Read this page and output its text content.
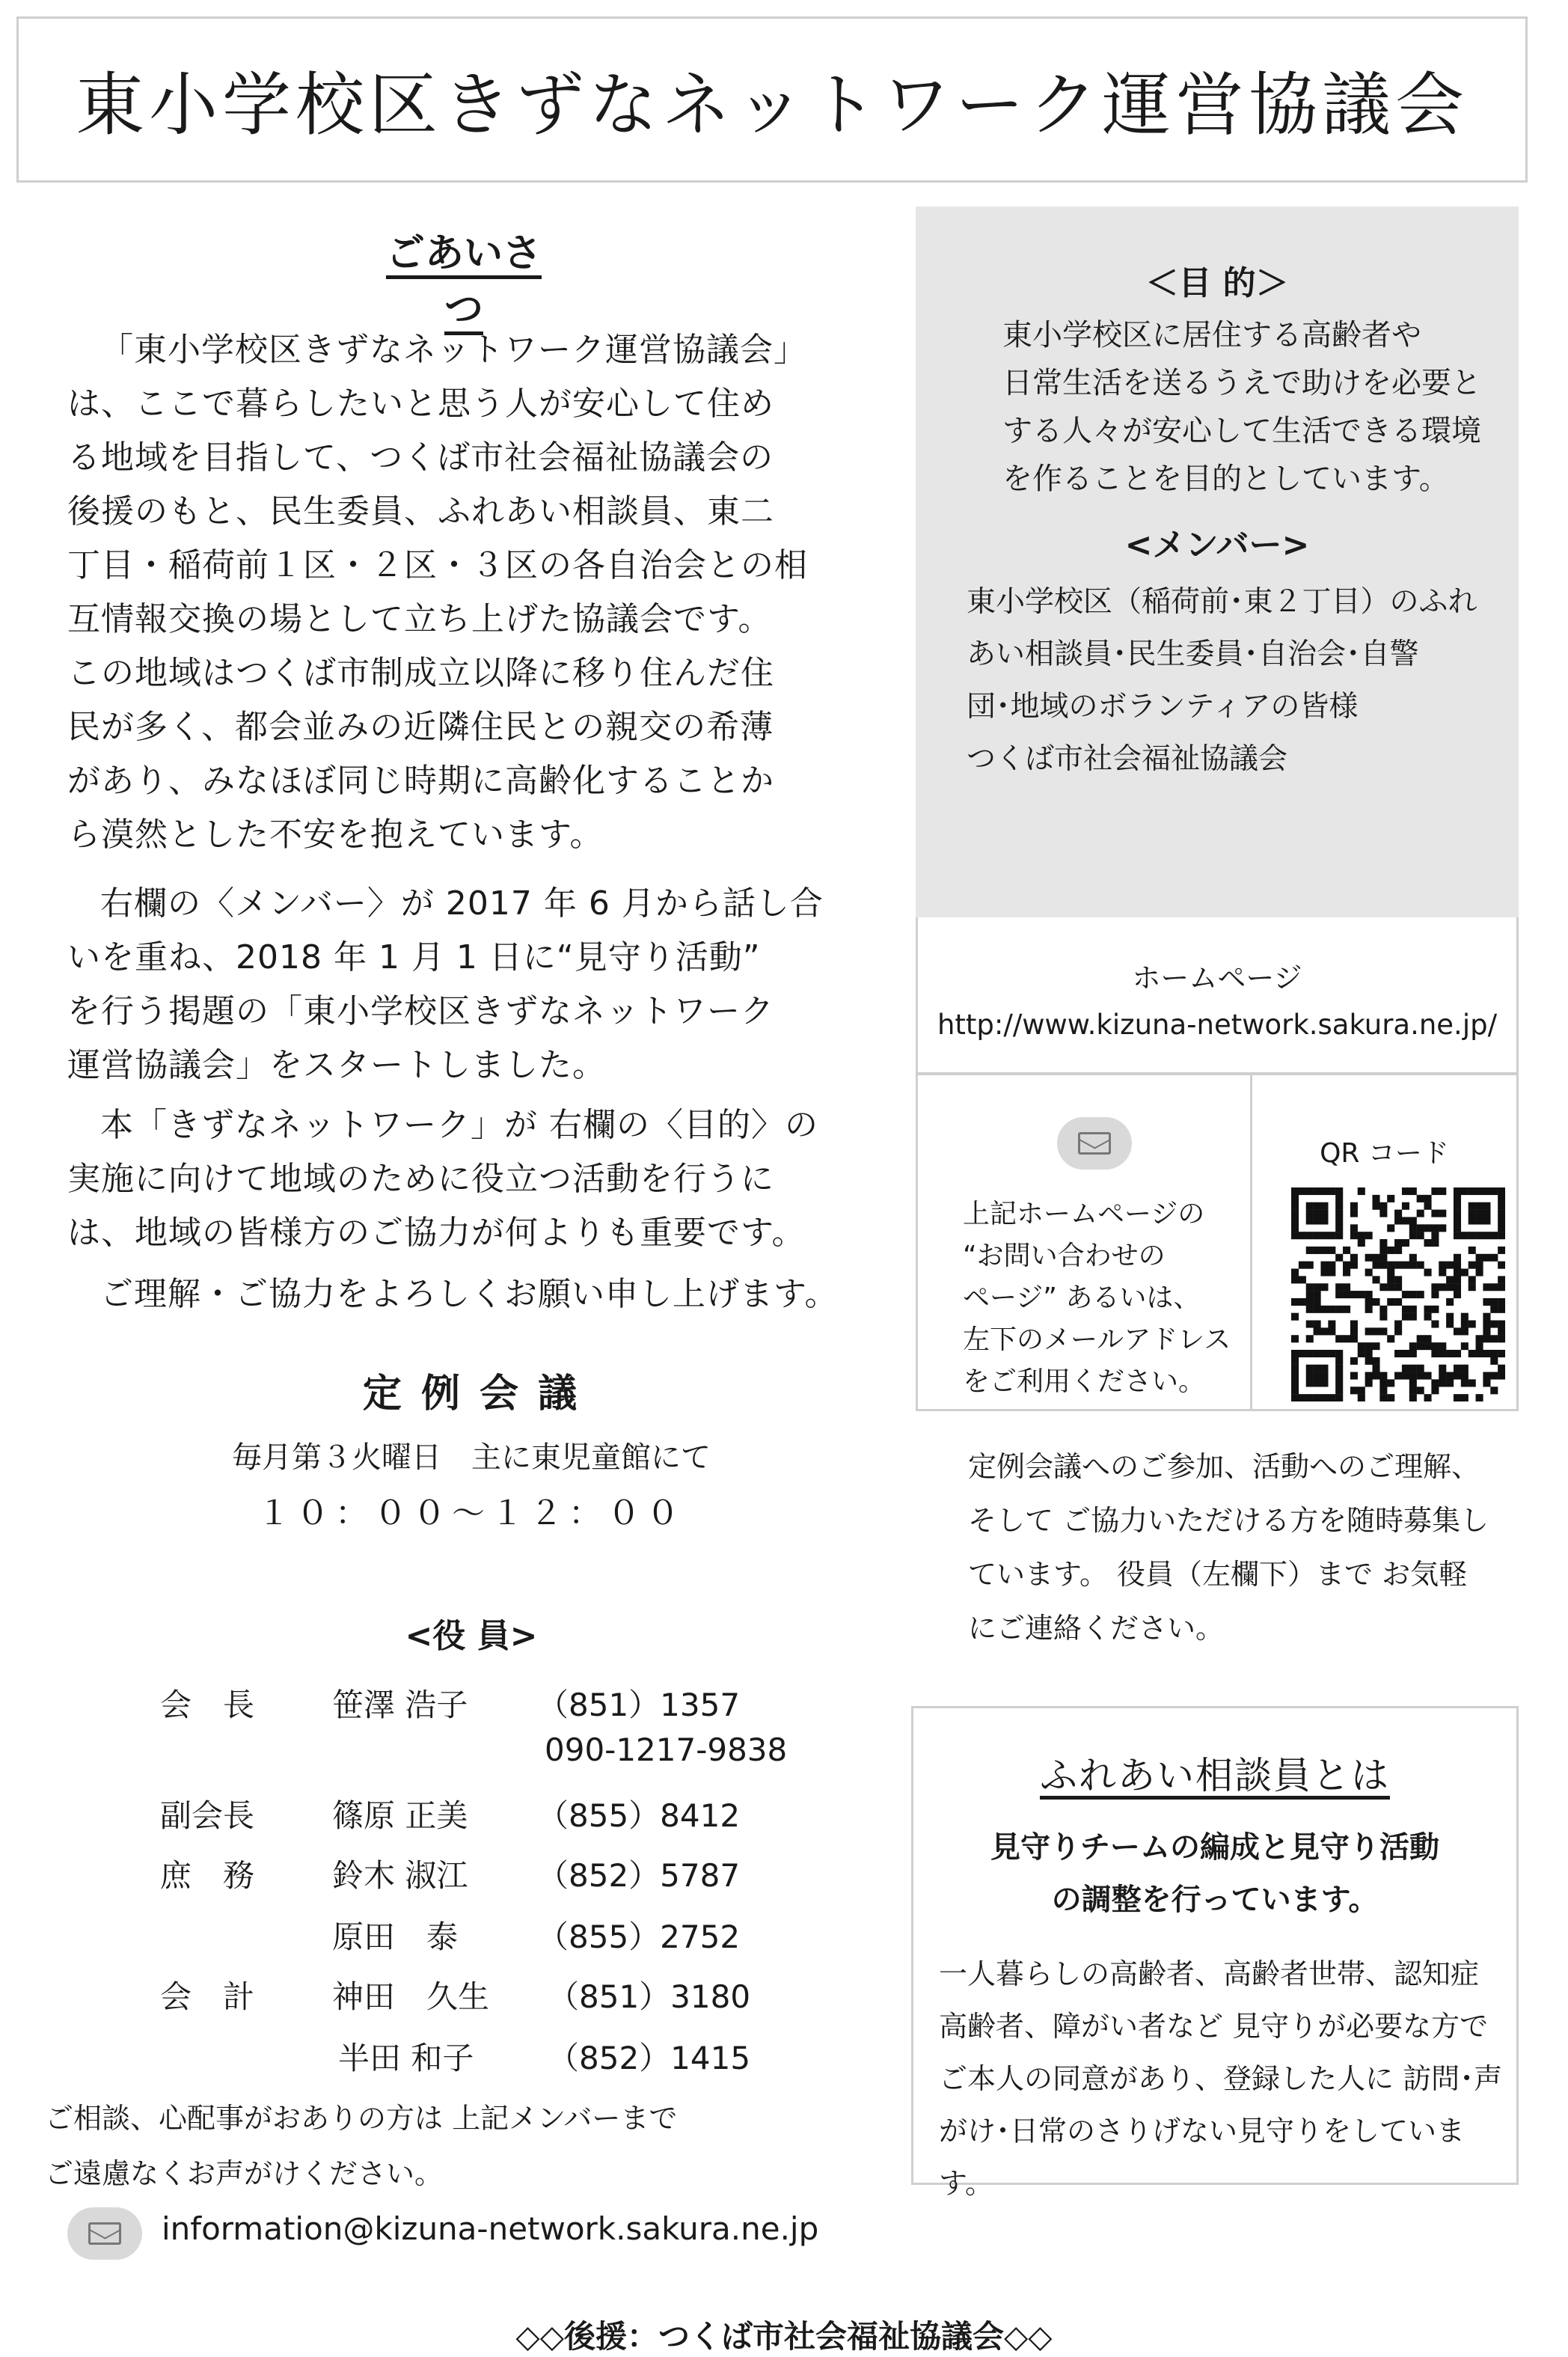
東小学校区きずなネットワーク運営協議会
ごあいさつ

「東小学校区きずなネットワーク運営協議会」

は、ここで暮らしたいと思う人が安心して住め

る地域を目指して、つくば市社会福祉協議会の

後援のもと、民生委員、ふれあい相談員、東二

丁目・稲荷前１区・２区・３区の各自治会との相

互情報交換の場として立ち上げた協議会です。

この地域はつくば市制成立以降に移り住んだ住

民が多く、都会並みの近隣住民との親交の希薄

があり、みなほぼ同じ時期に高齢化することか

ら漠然とした不安を抱えています。

右欄の〈メンバー〉が 2017 年 6 月から話し合

いを重ね、2018 年 1 月 1 日に“見守り活動”

を行う掲題の「東小学校区きずなネットワーク

運営協議会」をスタートしました。

本「きずなネットワーク」が 右欄の〈目的〉の

実施に向けて地域のために役立つ活動を行うに

は、地域の皆様方のご協力が何よりも重要です。

ご理解・ご協力をよろしくお願い申し上げます。

定 例 会 議
毎月第３火曜日　主に東児童館にて
１０：００〜１２：００
<役 員>
会　長 笹澤 浩子 （851）1357
090-1217-9838
副会長 篠原 正美 （855）8412
庶　務 鈴木 淑江 （852）5787
原田　泰	（855）2752
会　計 神田　久生 （851）3180
半田 和子 （852）1415
ご相談、心配事がおありの方は 上記メンバーまで
ご遠慮なくお声がけください。
information@kizuna-network.sakura.ne.jp
◇◇後援：つくば市社会福祉協議会◇◇
＜目 的＞
東小学校区に居住する高齢者や
日常生活を送るうえで助けを必要と
する人々が安心して生活できる環境
を作ることを目的としています。
<メンバー>
東小学校区（稲荷前･東２丁目）のふれ
あい相談員･民生委員･自治会･自警
団･地域のボランティアの皆様
つくば市社会福祉協議会
ホームページ
http://www.kizuna-network.sakura.ne.jp/
上記ホームページの
“お問い合わせの
ページ” あるいは、
左下のメールアドレス
をご利用ください。
QR コード
定例会議へのご参加、活動へのご理解、
そして ご協力いただける方を随時募集し
ています。 役員（左欄下）まで お気軽
にご連絡ください。
ふれあい相談員とは
見守りチームの編成と見守り活動
の調整を行っています。
一人暮らしの高齢者、高齢者世帯、認知症
高齢者、障がい者など 見守りが必要な方で
ご本人の同意があり、登録した人に 訪問･声
がけ･日常のさりげない見守りをしています。
